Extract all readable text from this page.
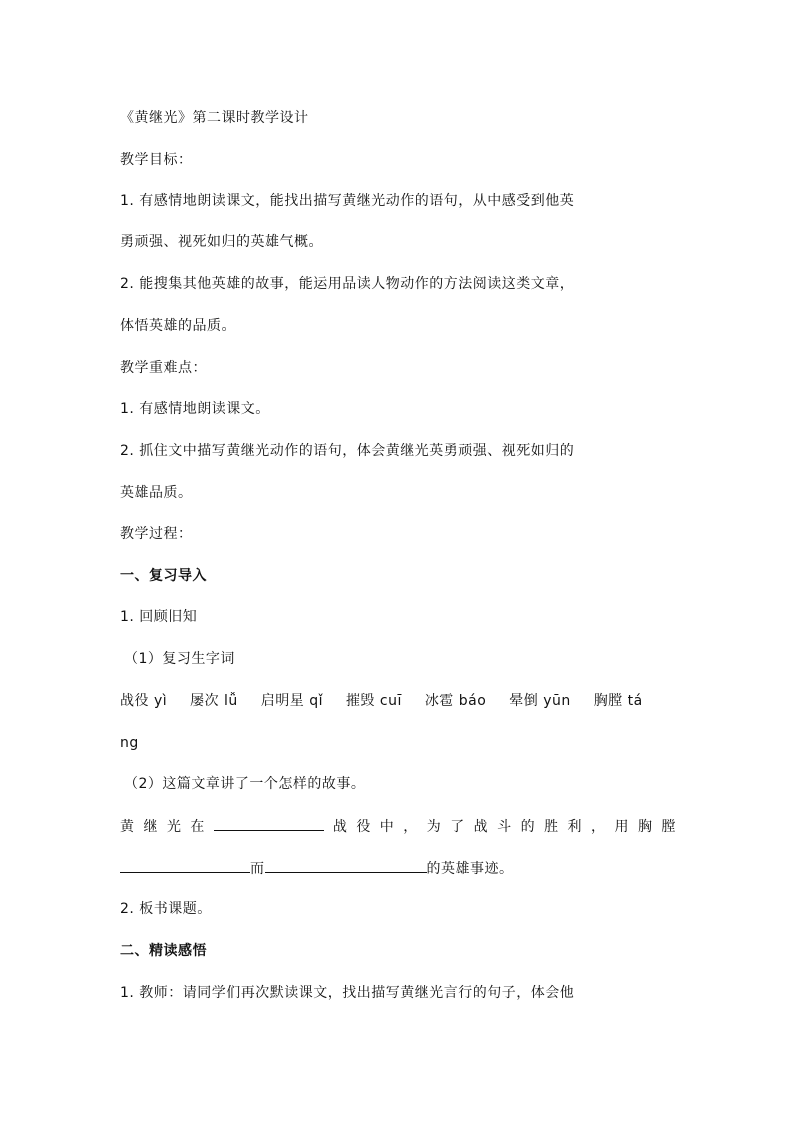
《黄继光》第二课时教学设计
教学目标：
1. 有感情地朗读课文，能找出描写黄继光动作的语句，从中感受到他英
勇顽强、视死如归的英雄气概。
2. 能搜集其他英雄的故事，能运用品读人物动作的方法阅读这类文章，
体悟英雄的品质。
教学重难点：
1. 有感情地朗读课文。
2. 抓住文中描写黄继光动作的语句，体会黄继光英勇顽强、视死如归的
英雄品质。
教学过程：
一、复习导入
1. 回顾旧知
（1）复习生字词
战役 yì 屡次 lǚ 启明星 qǐ 摧毁 cuī 冰雹 báo 晕倒 yūn 胸膛 tá
ng
（2）这篇文章讲了一个怎样的故事。
黄 继 光 在	战 役 中 ， 为 了 战 斗 的 胜 利 ， 用 胸 膛
而	的英雄事迹。
2. 板书课题。
二、精读感悟
1. 教师：请同学们再次默读课文，找出描写黄继光言行的句子，体会他
